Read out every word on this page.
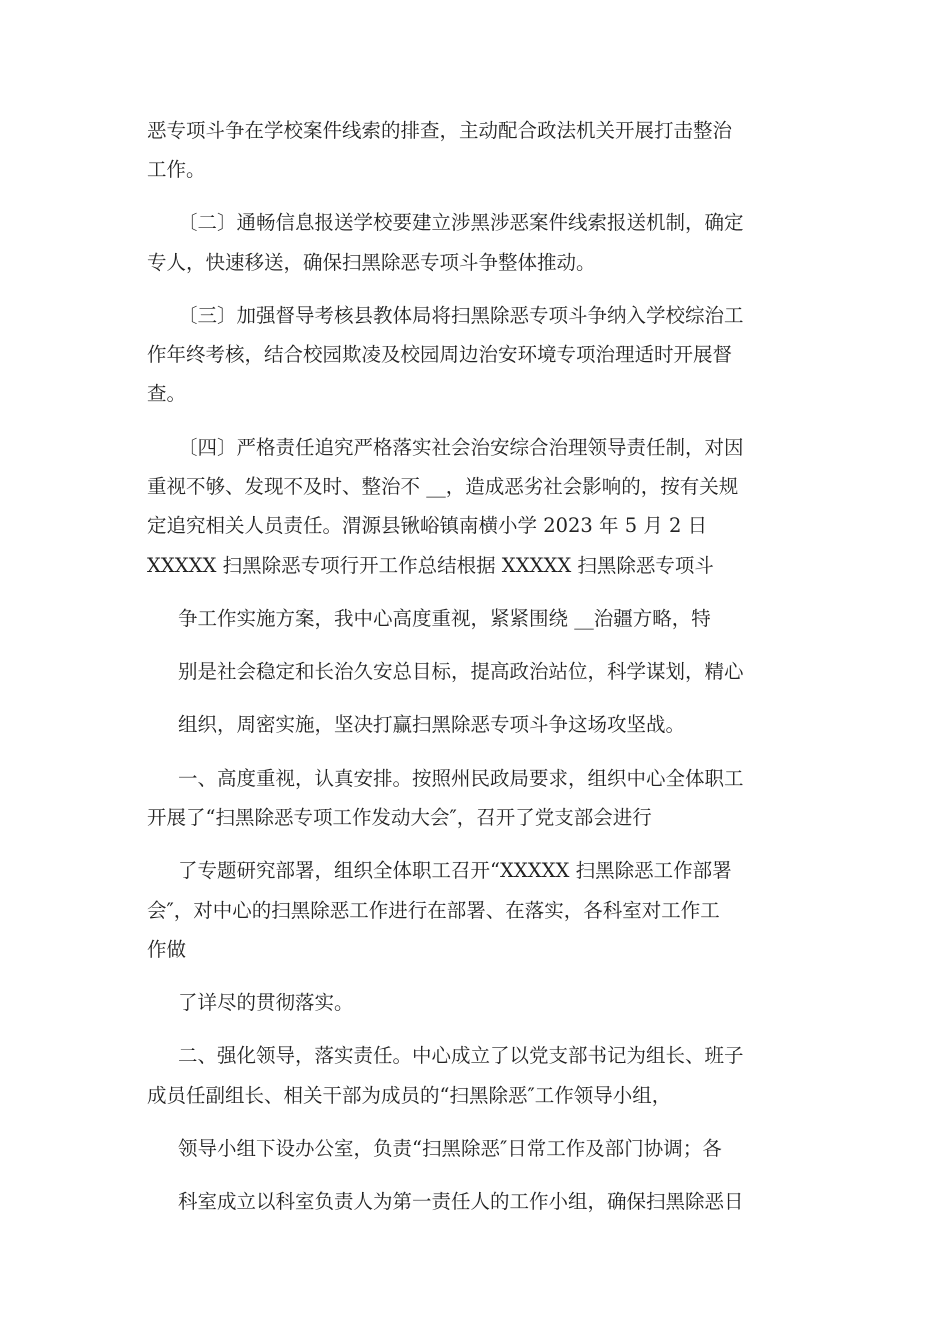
恶专项斗争在学校案件线索的排查，主动配合政法机关开展打击整治
工作。
〔二〕通畅信息报送学校要建立涉黑涉恶案件线索报送机制，确定
专人，快速移送，确保扫黑除恶专项斗争整体推动。
〔三〕加强督导考核县教体局将扫黑除恶专项斗争纳入学校综治工
作年终考核，结合校园欺凌及校园周边治安环境专项治理适时开展督
查。
〔四〕严格责任追究严格落实社会治安综合治理领导责任制，对因
重视不够、发现不及时、整治不 __，造成恶劣社会影响的，按有关规
定追究相关人员责任。渭源县锹峪镇南横小学 2023 年 5 月 2 日
XXXXX 扫黑除恶专项行开工作总结根据 XXXXX 扫黑除恶专项斗
争工作实施方案，我中心高度重视，紧紧围绕 __治疆方略，特
别是社会稳定和长治久安总目标，提高政治站位，科学谋划，精心
组织，周密实施，坚决打赢扫黑除恶专项斗争这场攻坚战。
一、高度重视，认真安排。按照州民政局要求，组织中心全体职工
开展了“扫黑除恶专项工作发动大会″，召开了党支部会进行
了专题研究部署，组织全体职工召开“XXXXX 扫黑除恶工作部署
会″，对中心的扫黑除恶工作进行在部署、在落实，各科室对工作工
作做
了详尽的贯彻落实。
二、强化领导，落实责任。中心成立了以党支部书记为组长、班子
成员任副组长、相关干部为成员的“扫黑除恶″工作领导小组，
领导小组下设办公室，负责“扫黑除恶″日常工作及部门协调；各
科室成立以科室负责人为第一责任人的工作小组，确保扫黑除恶日
